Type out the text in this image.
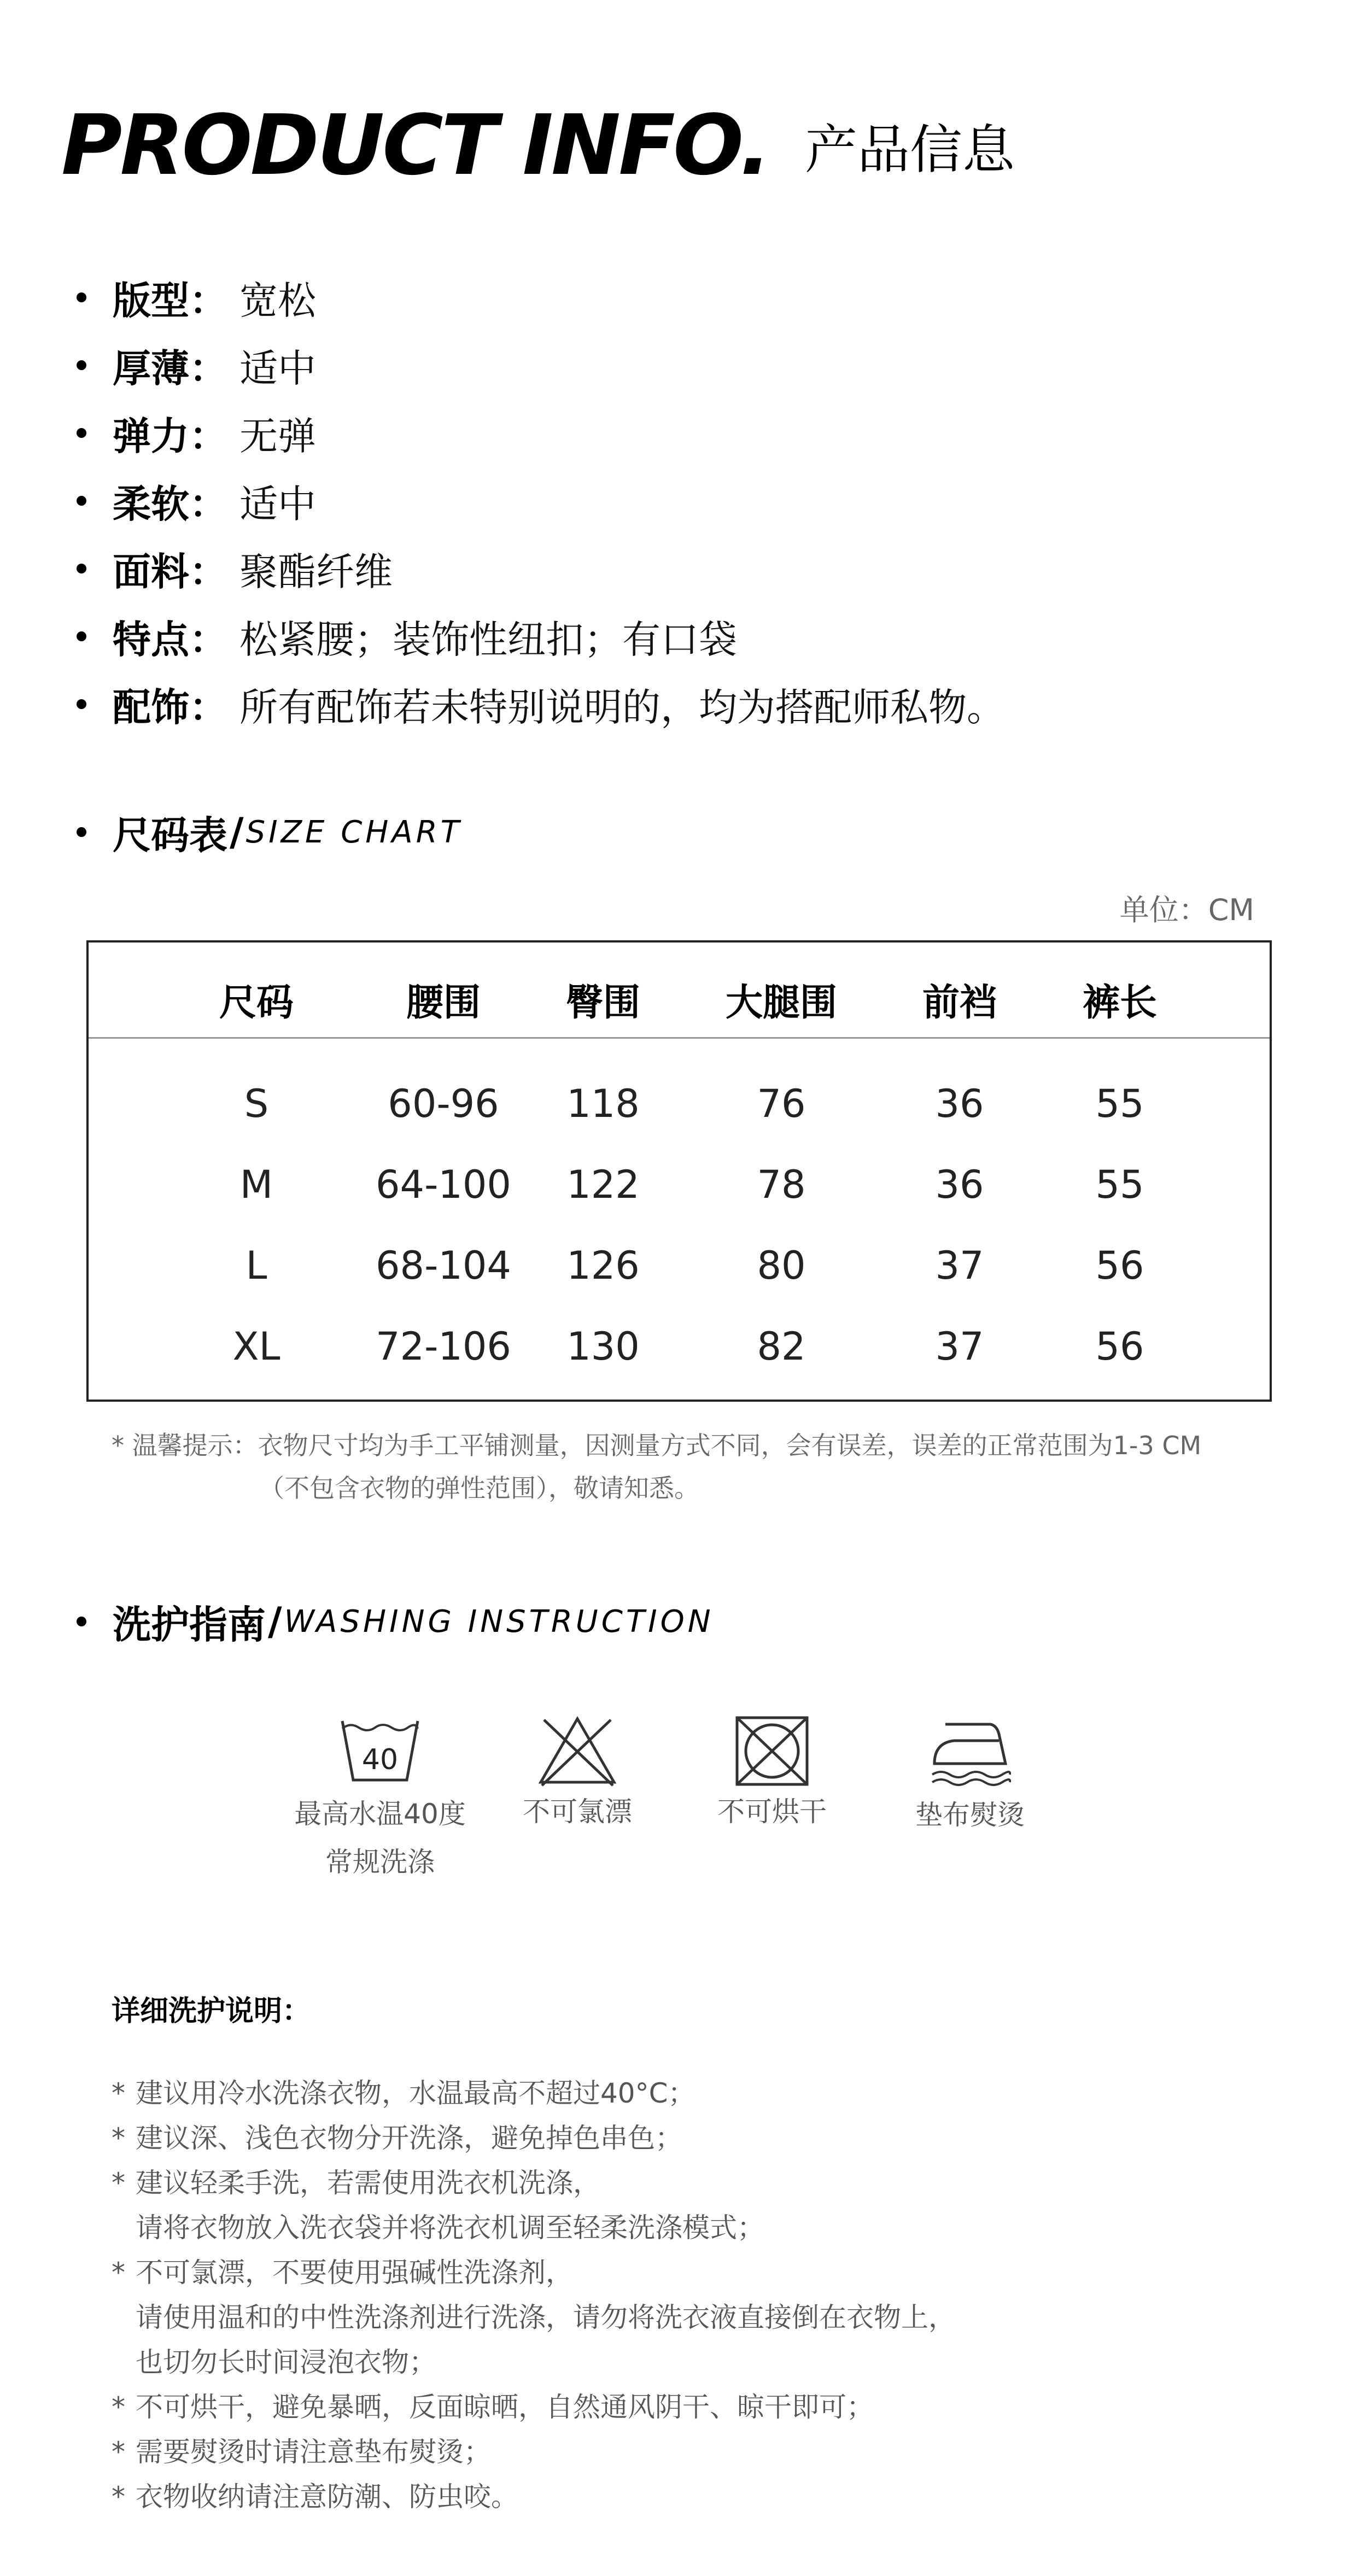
PRODUCT INFO. 产品信息
版型 ： 宽松
厚薄 ： 适中
弹力 ： 无弹
柔软 ： 适中
面料 ： 聚酯纤维
特点 ： 松紧腰；装饰性纽扣；有口袋
配饰 ： 所有配饰若未特别说明的，均为搭配师私物。
尺码表 / SIZE CHART
单位：CM
尺码	腰围 臀围 大腿围 前裆 裤长
S	60-96 118	76	36	55
M	64-100 122	78	36	55
L	68-104 126	80	37	56
XL 72-106 130	82	37	56
* 温馨提示：衣物尺寸均为手工平铺测量，因测量方式不同，会有误差，误差的正常范围为1-3 CM
（不包含衣物的弹性范围），敬请知悉。
洗护指南 / WASHING INSTRUCTION
40
最高水温40度
常规洗涤
不可氯漂	不可烘干	垫布熨烫
详细洗护说明：
* 建议用冷水洗涤衣物，水温最高不超过40°C；
* 建议深、浅色衣物分开洗涤，避免掉色串色；
* 建议轻柔手洗，若需使用洗衣机洗涤，
请将衣物放入洗衣袋并将洗衣机调至轻柔洗涤模式；
* 不可氯漂，不要使用强碱性洗涤剂，
请使用温和的中性洗涤剂进行洗涤，请勿将洗衣液直接倒在衣物上，
也切勿长时间浸泡衣物；
* 不可烘干，避免暴晒，反面晾晒，自然通风阴干、晾干即可；
* 需要熨烫时请注意垫布熨烫；
* 衣物收纳请注意防潮、防虫咬。
